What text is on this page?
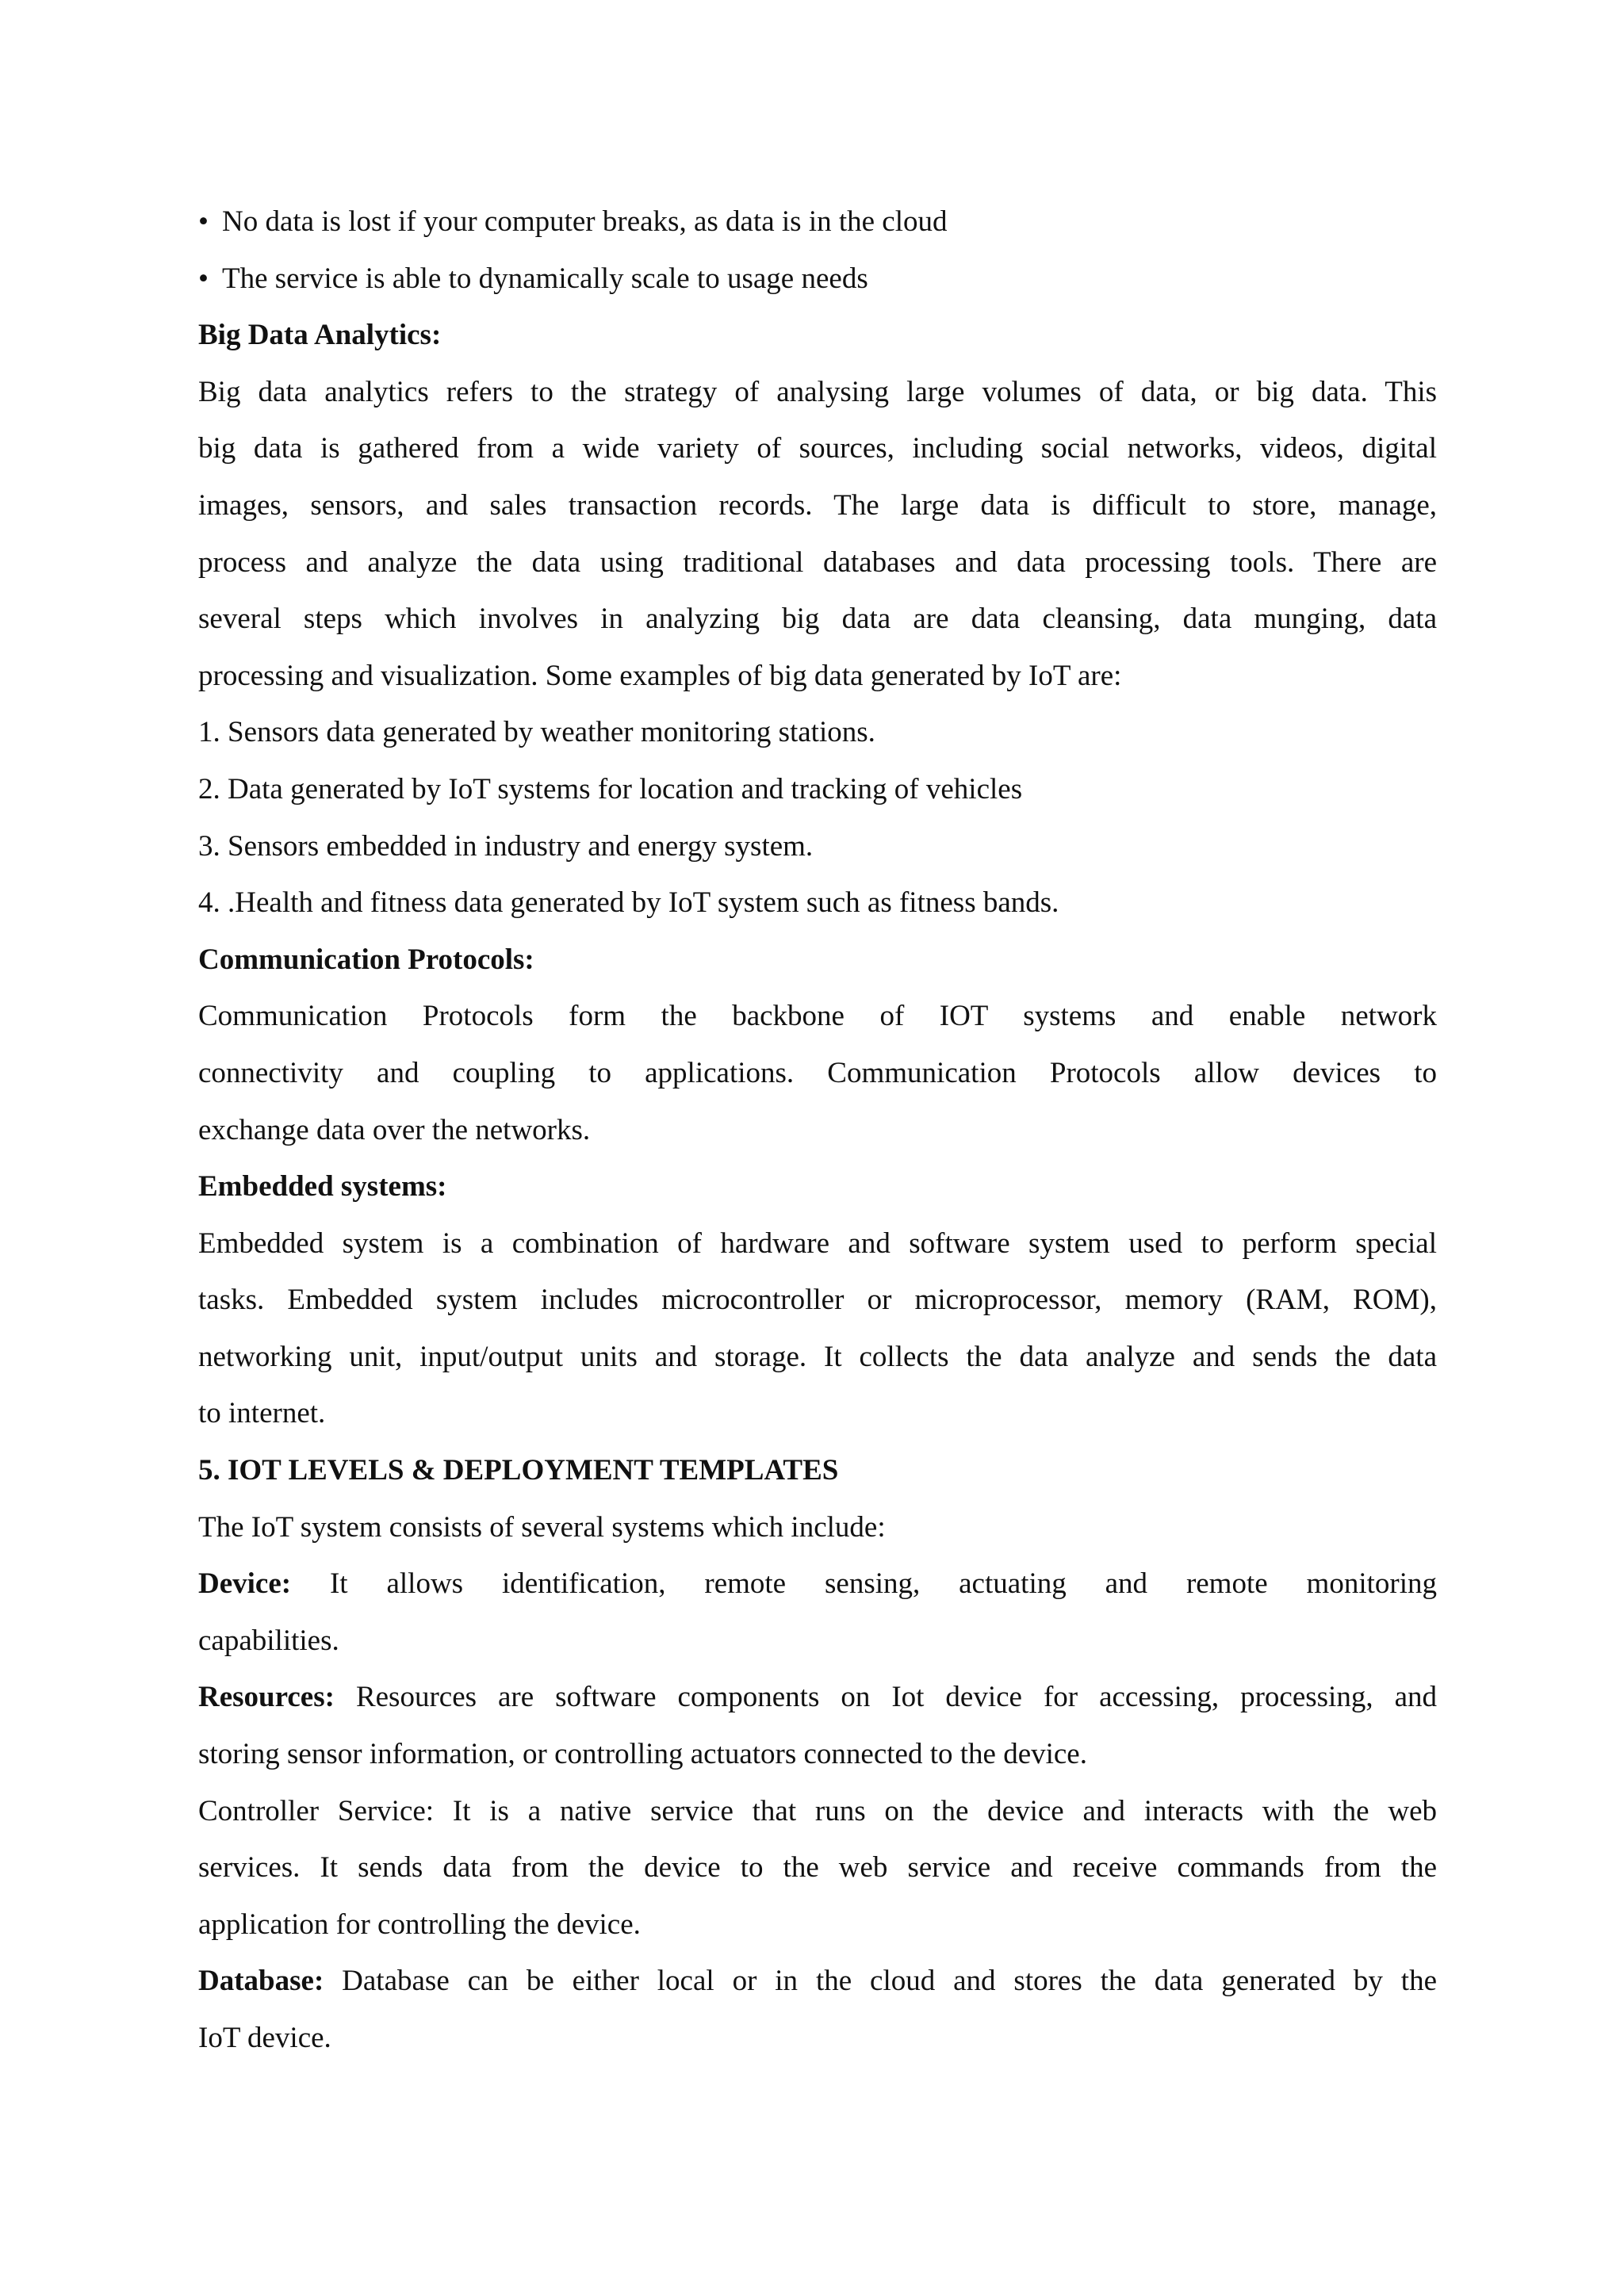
• No data is lost if your computer breaks, as data is in the cloud
• The service is able to dynamically scale to usage needs
Big Data Analytics:
Big data analytics refers to the strategy of analysing large volumes of data, or big data. This
big data is gathered from a wide variety of sources, including social networks, videos, digital
images, sensors, and sales transaction records. The large data is difficult to store, manage,
process and analyze the data using traditional databases and data processing tools. There are
several steps which involves in analyzing big data are data cleansing, data munging, data
processing and visualization. Some examples of big data generated by IoT are:
1. Sensors data generated by weather monitoring stations.
2. Data generated by IoT systems for location and tracking of vehicles
3. Sensors embedded in industry and energy system.
4. .Health and fitness data generated by IoT system such as fitness bands.
Communication Protocols:
Communication Protocols form the backbone of IOT systems and enable network
connectivity and coupling to applications. Communication Protocols allow devices to
exchange data over the networks.
Embedded systems:
Embedded system is a combination of hardware and software system used to perform special
tasks. Embedded system includes microcontroller or microprocessor, memory (RAM, ROM),
networking unit, input/output units and storage. It collects the data analyze and sends the data
to internet.
5. IOT LEVELS & DEPLOYMENT TEMPLATES
The IoT system consists of several systems which include:
Device: It allows identification, remote sensing, actuating and remote monitoring
capabilities.
Resources: Resources are software components on Iot device for accessing, processing, and
storing sensor information, or controlling actuators connected to the device.
Controller Service: It is a native service that runs on the device and interacts with the web
services. It sends data from the device to the web service and receive commands from the
application for controlling the device.
Database: Database can be either local or in the cloud and stores the data generated by the
IoT device.
